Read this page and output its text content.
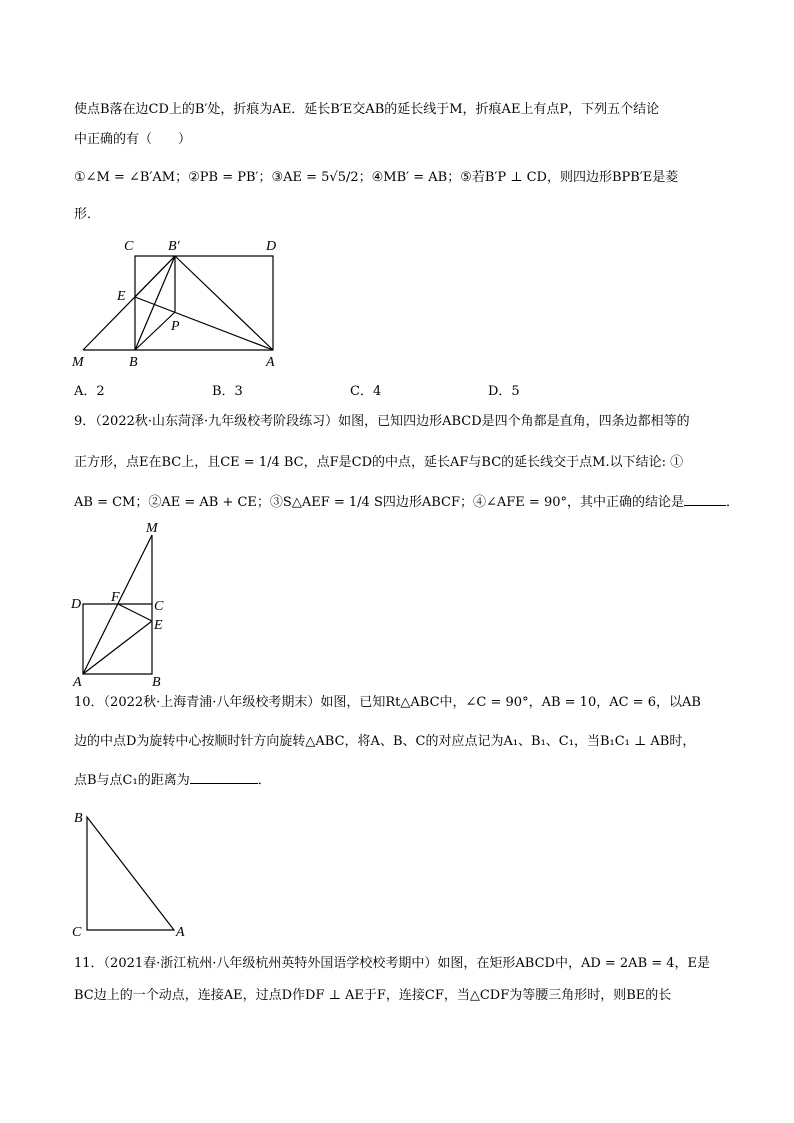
使点B落在边CD上的B′处，折痕为AE．延长B′E交AB的延长线于M，折痕AE上有点P，下列五个结论
中正确的有（　　）
①∠M = ∠B′AM；②PB = PB′；③AE = 5√5/2；④MB′ = AB；⑤若B′P ⊥ CD，则四边形BPB′E是菱
形．
C B′	D
E
P
M	B	A
A．2	B．3	C．4	D．5
9．（2022秋·山东菏泽·九年级校考阶段练习）如图，已知四边形ABCD是四个角都是直角，四条边都相等的
正方形，点E在BC上，且CE = 1/4 BC，点F是CD的中点，延长AF与BC的延长线交于点M.以下结论: ①
AB = CM；②AE = AB + CE；③S△AEF = 1/4 S四边形ABCF；④∠AFE = 90°，其中正确的结论是	．
M
D F
C
E
A	B
10．（2022秋·上海青浦·八年级校考期末）如图，已知Rt△ABC中，∠C = 90°，AB = 10，AC = 6，以AB
边的中点D为旋转中心按顺时针方向旋转△ABC，将A、B、C的对应点记为A₁、B₁、C₁，当B₁C₁ ⊥ AB时，
点B与点C₁的距离为	．
B
C	A
11．（2021春·浙江杭州·八年级杭州英特外国语学校校考期中）如图，在矩形ABCD中，AD = 2AB = 4，E是
BC边上的一个动点，连接AE，过点D作DF ⊥ AE于F，连接CF，当△CDF为等腰三角形时，则BE的长
